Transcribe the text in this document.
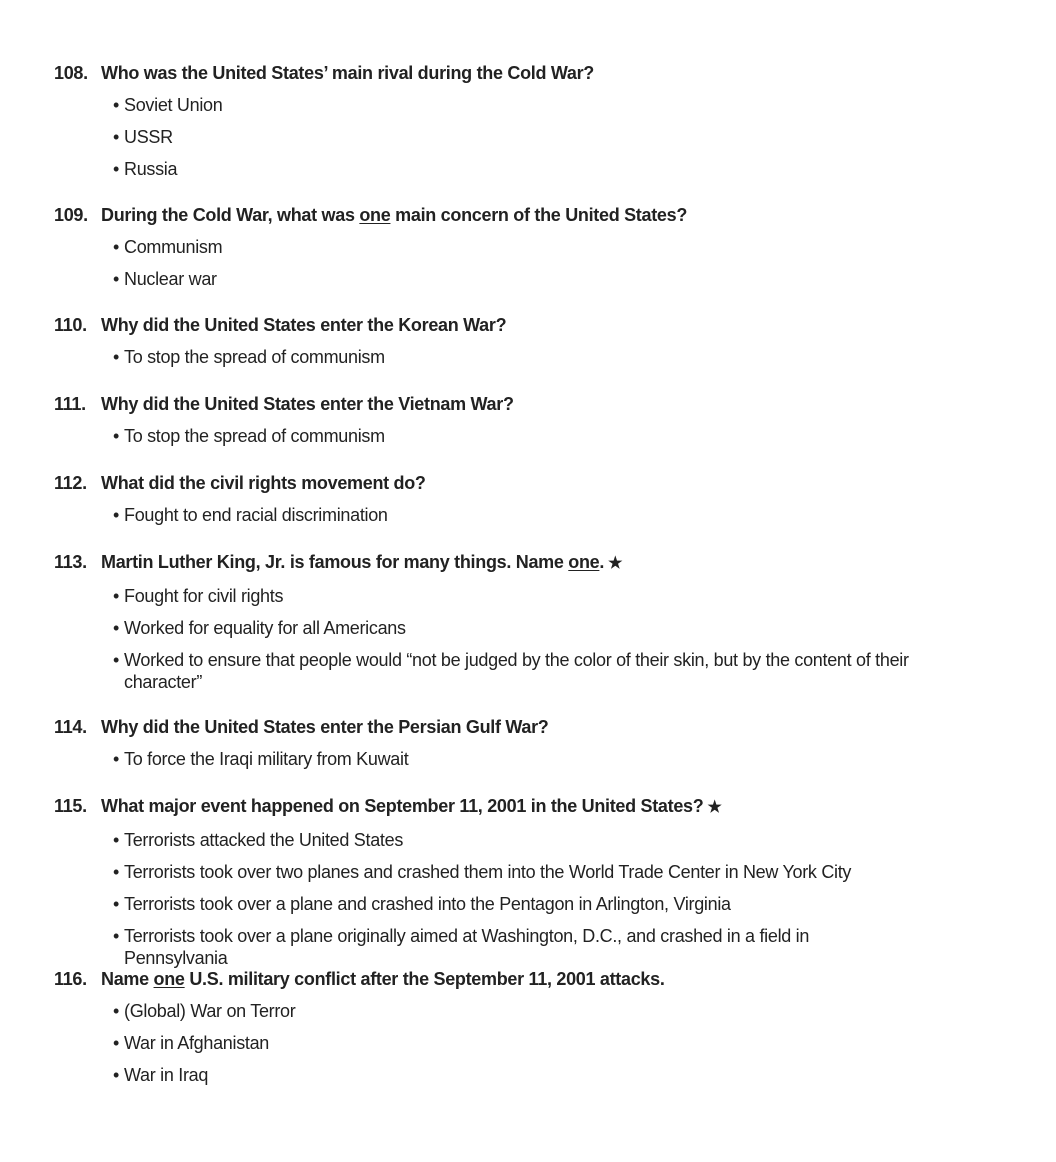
108. Who was the United States’ main rival during the Cold War?
• Soviet Union
• USSR
• Russia
109. During the Cold War, what was one main concern of the United States?
• Communism
• Nuclear war
110. Why did the United States enter the Korean War?
• To stop the spread of communism
111. Why did the United States enter the Vietnam War?
• To stop the spread of communism
112. What did the civil rights movement do?
• Fought to end racial discrimination
113. Martin Luther King, Jr. is famous for many things. Name one. ★
• Fought for civil rights
• Worked for equality for all Americans
• Worked to ensure that people would “not be judged by the color of their skin, but by the content of their character”
114. Why did the United States enter the Persian Gulf War?
• To force the Iraqi military from Kuwait
115. What major event happened on September 11, 2001 in the United States? ★
• Terrorists attacked the United States
• Terrorists took over two planes and crashed them into the World Trade Center in New York City
• Terrorists took over a plane and crashed into the Pentagon in Arlington, Virginia
• Terrorists took over a plane originally aimed at Washington, D.C., and crashed in a field in Pennsylvania
116. Name one U.S. military conflict after the September 11, 2001 attacks.
• (Global) War on Terror
• War in Afghanistan
• War in Iraq
